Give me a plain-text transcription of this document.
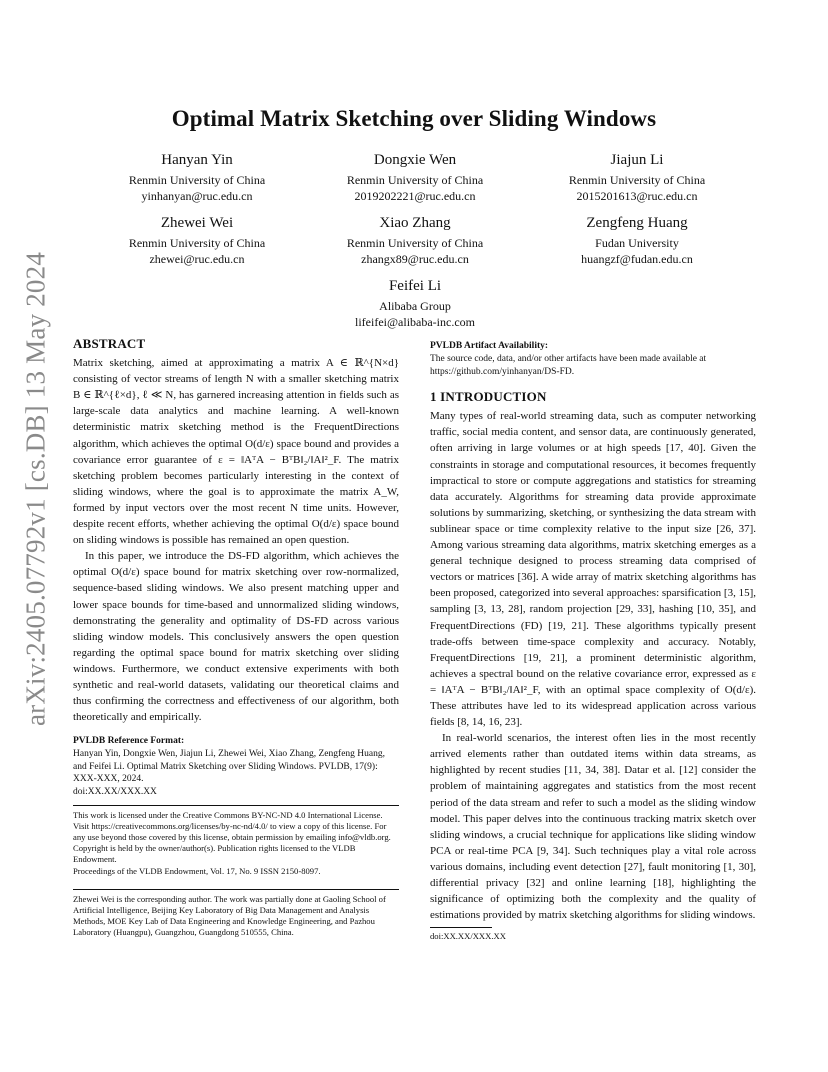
arXiv:2405.07792v1 [cs.DB] 13 May 2024
Optimal Matrix Sketching over Sliding Windows
Hanyan Yin
Renmin University of China
yinhanyan@ruc.edu.cn
Dongxie Wen
Renmin University of China
2019202221@ruc.edu.cn
Jiajun Li
Renmin University of China
2015201613@ruc.edu.cn
Zhewei Wei
Renmin University of China
zhewei@ruc.edu.cn
Xiao Zhang
Renmin University of China
zhangx89@ruc.edu.cn
Zengfeng Huang
Fudan University
huangzf@fudan.edu.cn
Feifei Li
Alibaba Group
lifeifei@alibaba-inc.com
ABSTRACT

Matrix sketching, aimed at approximating a matrix A ∈ ℝ^{N×d} consisting of vector streams of length N with a smaller sketching matrix B ∈ ℝ^{ℓ×d}, ℓ ≪ N, has garnered increasing attention in fields such as large-scale data analytics and machine learning. A well-known deterministic matrix sketching method is the FrequentDirections algorithm, which achieves the optimal O(d/ε) space bound and provides a covariance error guarantee of ε = ‖AᵀA − BᵀB‖₂/‖A‖²_F. The matrix sketching problem becomes particularly interesting in the context of sliding windows, where the goal is to approximate the matrix A_W, formed by input vectors over the most recent N time units. However, despite recent efforts, whether achieving the optimal O(d/ε) space bound on sliding windows is possible has remained an open question.

In this paper, we introduce the DS-FD algorithm, which achieves the optimal O(d/ε) space bound for matrix sketching over row-normalized, sequence-based sliding windows. We also present matching upper and lower space bounds for time-based and unnormalized sliding windows, demonstrating the generality and optimality of DS-FD across various sliding window models. This conclusively answers the open question regarding the optimal space bound for matrix sketching over sliding windows. Furthermore, we conduct extensive experiments with both synthetic and real-world datasets, validating our theoretical claims and thus confirming the correctness and effectiveness of our algorithm, both theoretically and empirically.

PVLDB Reference Format:

Hanyan Yin, Dongxie Wen, Jiajun Li, Zhewei Wei, Xiao Zhang, Zengfeng Huang, and Feifei Li. Optimal Matrix Sketching over Sliding Windows. PVLDB, 17(9): XXX-XXX, 2024.

doi:XX.XX/XXX.XX

This work is licensed under the Creative Commons BY-NC-ND 4.0 International License. Visit https://creativecommons.org/licenses/by-nc-nd/4.0/ to view a copy of this license. For any use beyond those covered by this license, obtain permission by emailing info@vldb.org. Copyright is held by the owner/author(s). Publication rights licensed to the VLDB Endowment.

Proceedings of the VLDB Endowment, Vol. 17, No. 9 ISSN 2150-8097.

Zhewei Wei is the corresponding author. The work was partially done at Gaoling School of Artificial Intelligence, Beijing Key Laboratory of Big Data Management and Analysis Methods, MOE Key Lab of Data Engineering and Knowledge Engineering, and Pazhou Laboratory (Huangpu), Guangzhou, Guangdong 510555, China.

PVLDB Artifact Availability:

The source code, data, and/or other artifacts have been made available at https://github.com/yinhanyan/DS-FD.

1 INTRODUCTION

Many types of real-world streaming data, such as computer networking traffic, social media content, and sensor data, are continuously generated, often arriving in large volumes or at high speeds [17, 40]. Given the constraints in storage and computational resources, it becomes frequently impractical to store or compute aggregations and statistics for streaming data accurately. Algorithms for streaming data provide approximate solutions by summarizing, sketching, or synthesizing the data stream with sublinear space or time complexity relative to the input size [26, 37]. Among various streaming data algorithms, matrix sketching emerges as a general technique designed to process streaming data comprised of vectors or matrices [36]. A wide array of matrix sketching algorithms has been proposed, categorized into several approaches: sparsification [3, 15], sampling [3, 13, 28], random projection [29, 33], hashing [10, 35], and FrequentDirections (FD) [19, 21]. These algorithms typically present trade-offs between time-space complexity and accuracy. Notably, FrequentDirections [19, 21], a prominent deterministic algorithm, achieves a spectral bound on the relative covariance error, expressed as ε = ‖AᵀA − BᵀB‖₂/‖A‖²_F, with an optimal space complexity of O(d/ε). These attributes have led to its widespread application across various fields [8, 14, 16, 23].

In real-world scenarios, the interest often lies in the most recently arrived elements rather than outdated items within data streams, as highlighted by recent studies [11, 34, 38]. Datar et al. [12] consider the problem of maintaining aggregates and statistics from the most recent period of the data stream and refer to such a model as the sliding window model. This paper delves into the continuous tracking matrix sketch over sliding windows, a crucial technique for applications like sliding window PCA or real-time PCA [9, 34]. Such techniques play a vital role across various domains, including event detection [27], fault monitoring [1, 30], differential privacy [32] and online learning [18], highlighting the significance of optimizing both the complexity and the quality of estimations provided by matrix sketching algorithms for sliding windows.

doi:XX.XX/XXX.XX
